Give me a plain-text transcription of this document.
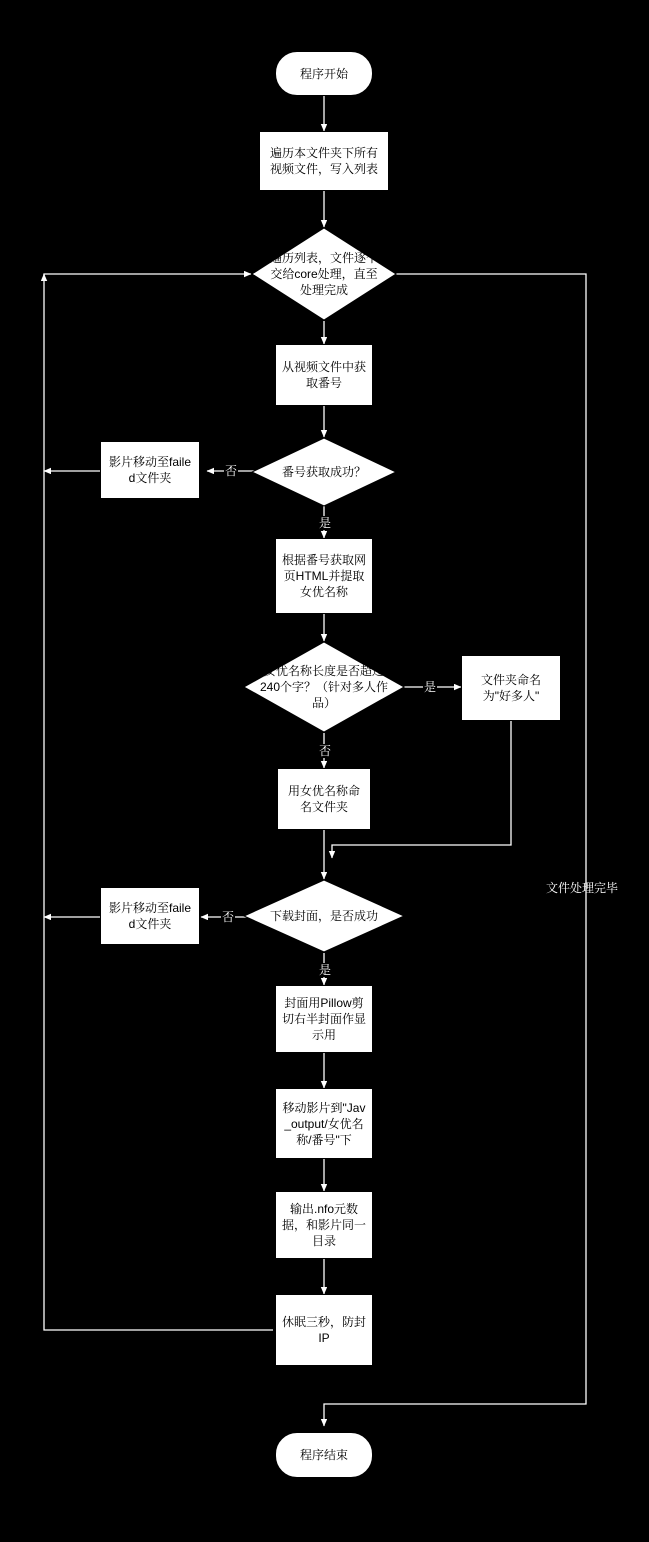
程序开始
遍历本文件夹下所有视频文件，写入列表
遍历列表，文件逐个交给core处理，直至处理完成
从视频文件中获取番号
番号获取成功？
影片移动至failed文件夹
根据番号获取网页HTML并提取女优名称
女优名称长度是否超过240个字？（针对多人作品）
文件夹命名为"好多人"
用女优名称命名文件夹
下载封面，是否成功
影片移动至failed文件夹
封面用Pillow剪切右半封面作显示用
移动影片到"Jav_output/女优名称/番号"下
输出.nfo元数据，和影片同一目录
休眠三秒，防封IP
程序结束
否
是
是
否
否
是
文件处理完毕
